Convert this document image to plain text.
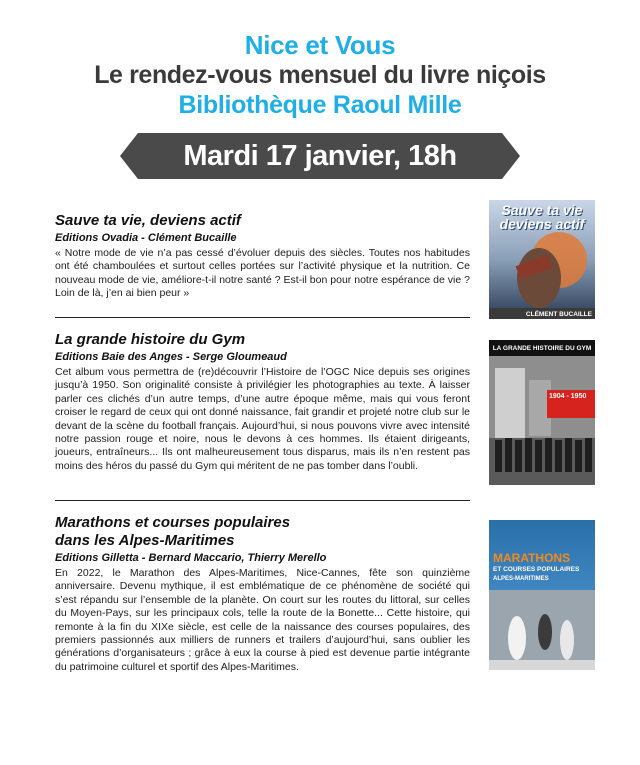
Nice et Vous
Le rendez-vous mensuel du livre niçois
Bibliothèque Raoul Mille
Mardi 17 janvier, 18h

Sauve ta vie, deviens actif

Editions Ovadia - Clément Bucaille

« Notre mode de vie n’a pas cessé d’évoluer depuis des siècles. Toutes nos habitudes ont été chamboulées et surtout celles portées sur l’activité physique et la nutrition. Ce nouveau mode de vie, améliore-t-il notre santé ? Est-il bon pour notre espérance de vie ? Loin de là, j’en ai bien peur »

Sauve ta vie
deviens actif
CLÉMENT BUCAILLE

La grande histoire du Gym

Editions Baie des Anges - Serge Gloumeaud

Cet album vous permettra de (re)découvrir l’Histoire de l’OGC Nice depuis ses origines jusqu’à 1950. Son originalité consiste à privilégier les photographies au texte. À laisser parler ces clichés d’un autre temps, d’une autre époque même, mais qui vous feront croiser le regard de ceux qui ont donné naissance, fait grandir et projeté notre club sur le devant de la scène du football français. Aujourd’hui, si nous pouvons vivre avec intensité notre passion rouge et noire, nous le devons à ces hommes. Ils étaient dirigeants, joueurs, entraîneurs... Ils ont malheureusement tous disparus, mais ils n’en restent pas moins des héros du passé du Gym qui méritent de ne pas tomber dans l’oubli.

LA GRANDE HISTOIRE DU GYM
1904 - 1950

Marathons et courses populaires

dans les Alpes-Maritimes

Editions Gilletta - Bernard Maccario, Thierry Merello

En 2022, le Marathon des Alpes-Maritimes, Nice-Cannes, fête son quinzième anniversaire. Devenu mythique, il est emblématique de ce phénomène de société qui s’est répandu sur l’ensemble de la planète. On court sur les routes du littoral, sur celles du Moyen-Pays, sur les principaux cols, telle la route de la Bonette... Cette histoire, qui remonte à la fin du XIXe siècle, est celle de la naissance des courses populaires, des premiers passionnés aux milliers de runners et trailers d’aujourd’hui, sans oublier les générations d’organisateurs ; grâce à eux la course à pied est devenue partie intégrante du patrimoine culturel et sportif des Alpes-Maritimes.

MARATHONS
ET COURSES POPULAIRES
ALPES-MARITIMES
